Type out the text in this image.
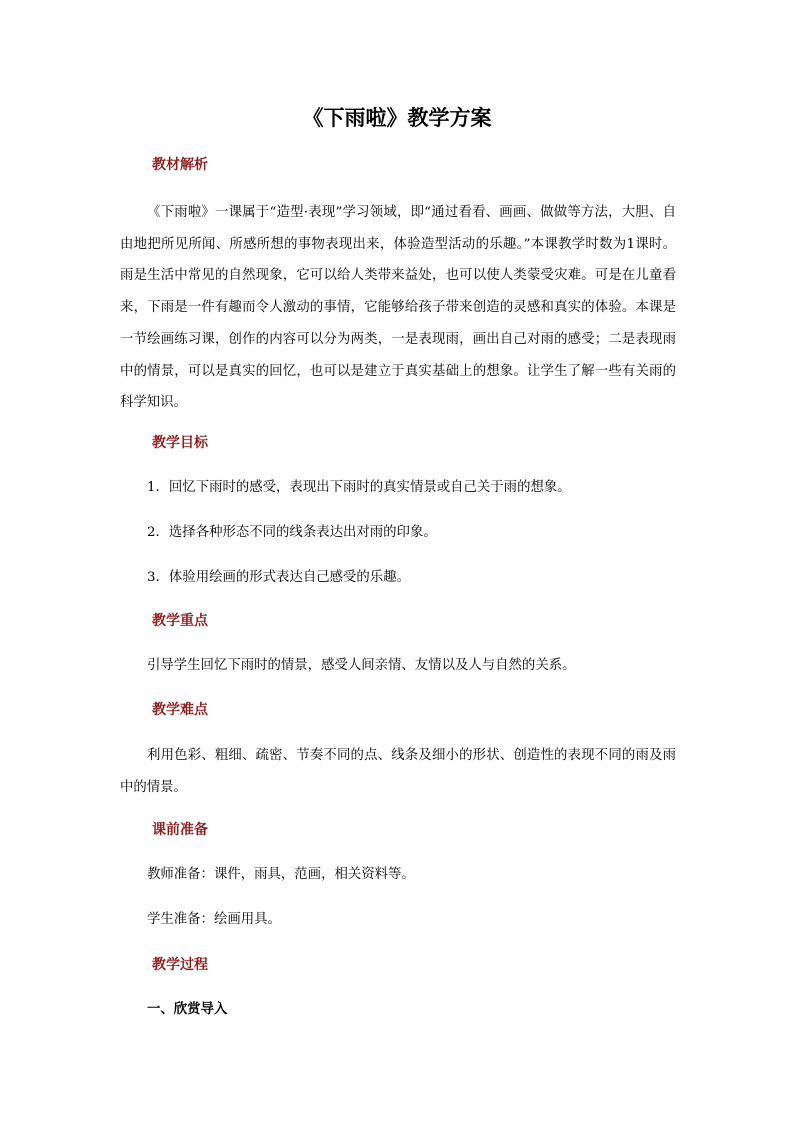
《下雨啦》教学方案
教材解析
《下雨啦》一课属于“造型·表现”学习领域，即“通过看看、画画、做做等方法，大胆、自由地把所见所闻、所感所想的事物表现出来，体验造型活动的乐趣。”本课教学时数为1课时。雨是生活中常见的自然现象，它可以给人类带来益处，也可以使人类蒙受灾难。可是在儿童看来，下雨是一件有趣而令人激动的事情，它能够给孩子带来创造的灵感和真实的体验。本课是一节绘画练习课，创作的内容可以分为两类，一是表现雨，画出自己对雨的感受；二是表现雨中的情景，可以是真实的回忆，也可以是建立于真实基础上的想象。让学生了解一些有关雨的科学知识。
教学目标
1．回忆下雨时的感受，表现出下雨时的真实情景或自己关于雨的想象。
2．选择各种形态不同的线条表达出对雨的印象。
3．体验用绘画的形式表达自己感受的乐趣。
教学重点
引导学生回忆下雨时的情景，感受人间亲情、友情以及人与自然的关系。
教学难点
利用色彩、粗细、疏密、节奏不同的点、线条及细小的形状、创造性的表现不同的雨及雨中的情景。
课前准备
教师准备：课件，雨具，范画，相关资料等。
学生准备：绘画用具。
教学过程
一、欣赏导入
